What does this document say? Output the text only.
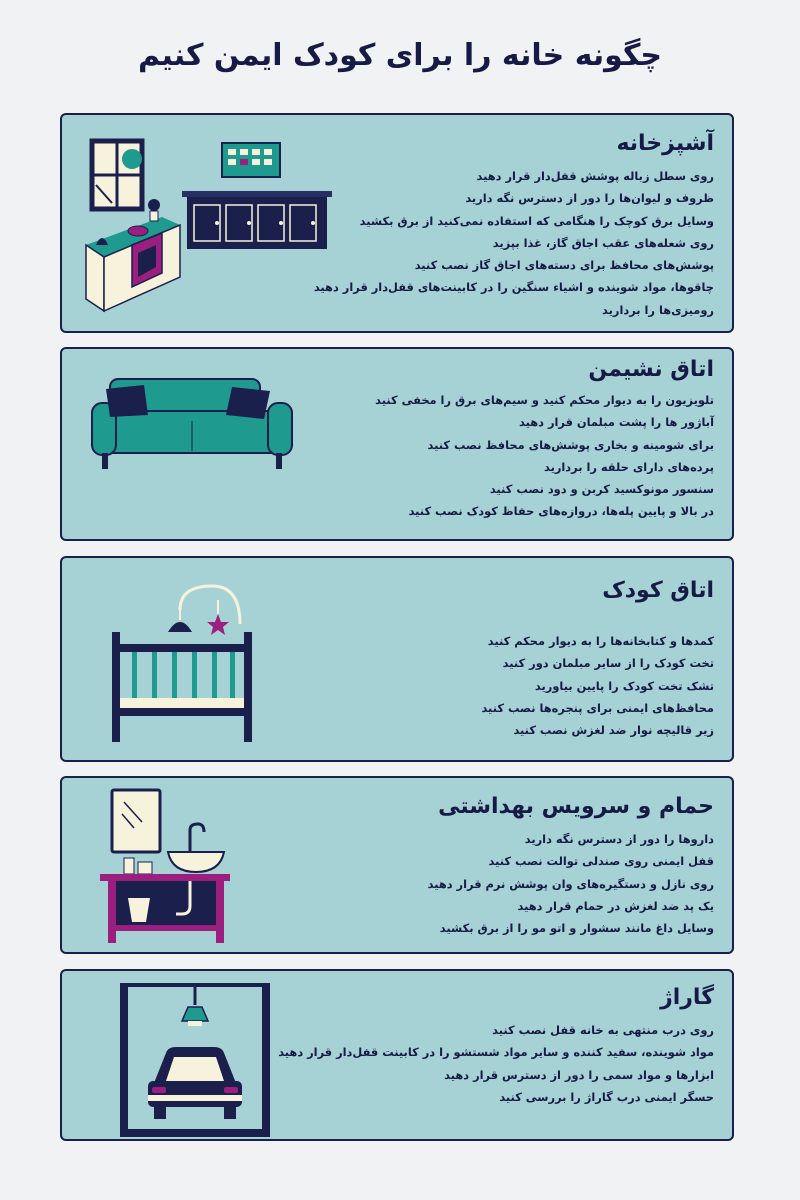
چگونه خانه را برای کودک ایمن کنیم
آشپزخانه
روی سطل زباله پوشش قفل‌دار قرار دهید
ظروف و لیوان‌ها را دور از دسترس نگه دارید
وسایل برق کوچک را هنگامی که استفاده نمی‌کنید از برق بکشید
روی شعله‌های عقب اجاق گاز، غذا بپزید
پوشش‌های محافظ برای دسته‌های اجاق گاز نصب کنید
چاقوها، مواد شوینده و اشیاء سنگین را در کابینت‌های قفل‌دار قرار دهید
رومیزی‌ها را بردارید
اتاق نشیمن
تلویزیون را به دیوار محکم کنید و سیم‌های برق را مخفی کنید
آباژور ها را پشت مبلمان قرار دهید
برای شومینه و بخاری پوشش‌های محافظ نصب کنید
پرده‌های دارای حلقه را بردارید
سنسور مونوکسید کربن و دود نصب کنید
در بالا و پایین پله‌ها، دروازه‌های حفاظ کودک نصب کنید
اتاق کودک
کمدها و کتابخانه‌ها را به دیوار محکم کنید
تخت کودک را از سایر مبلمان دور کنید
تشک تخت کودک را پایین بیاورید
محافظ‌های ایمنی برای پنجره‌ها نصب کنید
زیر قالیچه نوار ضد لغزش نصب کنید
حمام و سرویس بهداشتی
داروها را دور از دسترس نگه دارید
قفل ایمنی روی صندلی توالت نصب کنید
روی نازل و دستگیره‌های وان پوشش نرم قرار دهید
یک پد ضد لغزش در حمام قرار دهید
وسایل داغ مانند سشوار و اتو مو را از برق بکشید
گاراژ
روی درب منتهی به خانه قفل نصب کنید
مواد شوینده، سفید کننده و سایر مواد شستشو را در کابینت قفل‌دار قرار دهید
ابزارها و مواد سمی را دور از دسترس قرار دهید
حسگر ایمنی درب گاراژ را بررسی کنید
